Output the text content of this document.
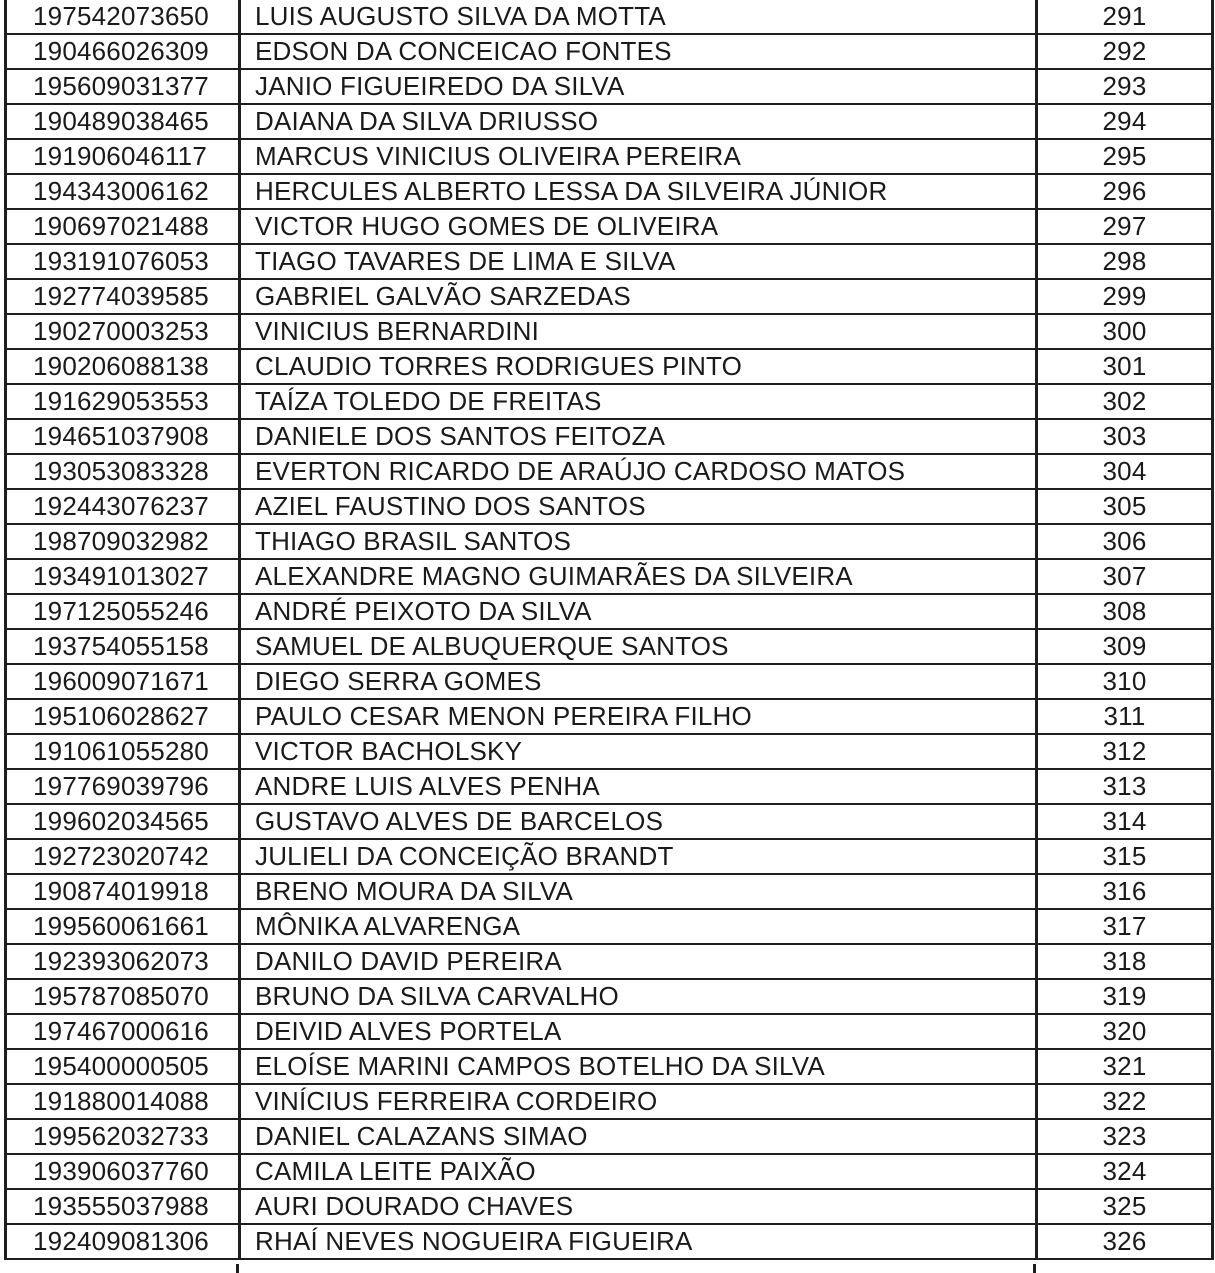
197542073650	LUIS AUGUSTO SILVA DA MOTTA	291
190466026309	EDSON DA CONCEICAO FONTES	292
195609031377	JANIO FIGUEIREDO DA SILVA	293
190489038465	DAIANA DA SILVA DRIUSSO	294
191906046117	MARCUS VINICIUS OLIVEIRA PEREIRA	295
194343006162	HERCULES ALBERTO LESSA DA SILVEIRA JÚNIOR	296
190697021488	VICTOR HUGO GOMES DE OLIVEIRA	297
193191076053	TIAGO TAVARES DE LIMA E SILVA	298
192774039585	GABRIEL GALVÃO SARZEDAS	299
190270003253	VINICIUS BERNARDINI	300
190206088138	CLAUDIO TORRES RODRIGUES PINTO	301
191629053553	TAÍZA TOLEDO DE FREITAS	302
194651037908	DANIELE DOS SANTOS FEITOZA	303
193053083328	EVERTON RICARDO DE ARAÚJO CARDOSO MATOS	304
192443076237	AZIEL FAUSTINO DOS SANTOS	305
198709032982	THIAGO BRASIL SANTOS	306
193491013027	ALEXANDRE MAGNO GUIMARÃES DA SILVEIRA	307
197125055246	ANDRÉ PEIXOTO DA SILVA	308
193754055158	SAMUEL DE ALBUQUERQUE SANTOS	309
196009071671	DIEGO SERRA GOMES	310
195106028627	PAULO CESAR MENON PEREIRA FILHO	311
191061055280	VICTOR BACHOLSKY	312
197769039796	ANDRE LUIS ALVES PENHA	313
199602034565	GUSTAVO ALVES DE BARCELOS	314
192723020742	JULIELI DA CONCEIÇÃO BRANDT	315
190874019918	BRENO MOURA DA SILVA	316
199560061661	MÔNIKA ALVARENGA	317
192393062073	DANILO DAVID PEREIRA	318
195787085070	BRUNO DA SILVA CARVALHO	319
197467000616	DEIVID ALVES PORTELA	320
195400000505	ELOÍSE MARINI CAMPOS BOTELHO DA SILVA	321
191880014088	VINÍCIUS FERREIRA CORDEIRO	322
199562032733	DANIEL CALAZANS SIMAO	323
193906037760	CAMILA LEITE PAIXÃO	324
193555037988	AURI DOURADO CHAVES	325
192409081306	RHAÍ NEVES NOGUEIRA FIGUEIRA	326
